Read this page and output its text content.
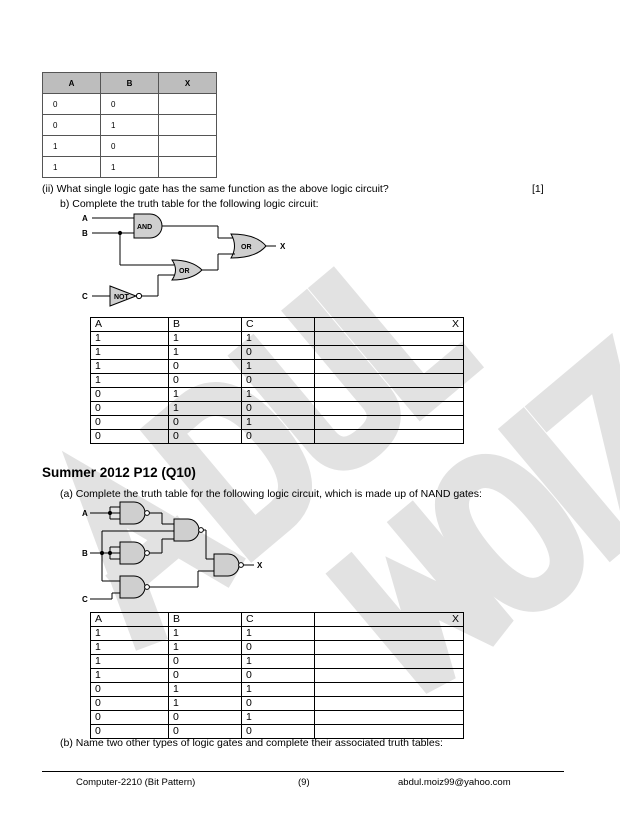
A	B	X
0	0	
0	1	
1	0	
1	1	
(ii) What single logic gate has the same function as the above logic circuit?	[1]
b) Complete the truth table for the following logic circuit:
A
B
C
AND
OR
OR
NOT
X
A	B	C	X
1	1	1	
1	1	0	
1	0	1	
1	0	0	
0	1	1	
0	1	0	
0	0	1	
0	0	0	
Summer 2012 P12 (Q10)
(a) Complete the truth table for the following logic circuit, which is made up of NAND gates:
A
B
C
X
A	B	C	X
1	1	1	
1	1	0	
1	0	1	
1	0	0	
0	1	1	
0	1	0	
0	0	1	
0	0	0	
(b) Name two other types of logic gates and complete their associated truth tables:
Computer-2210 (Bit Pattern)	(9)	abdul.moiz99@yahoo.com
